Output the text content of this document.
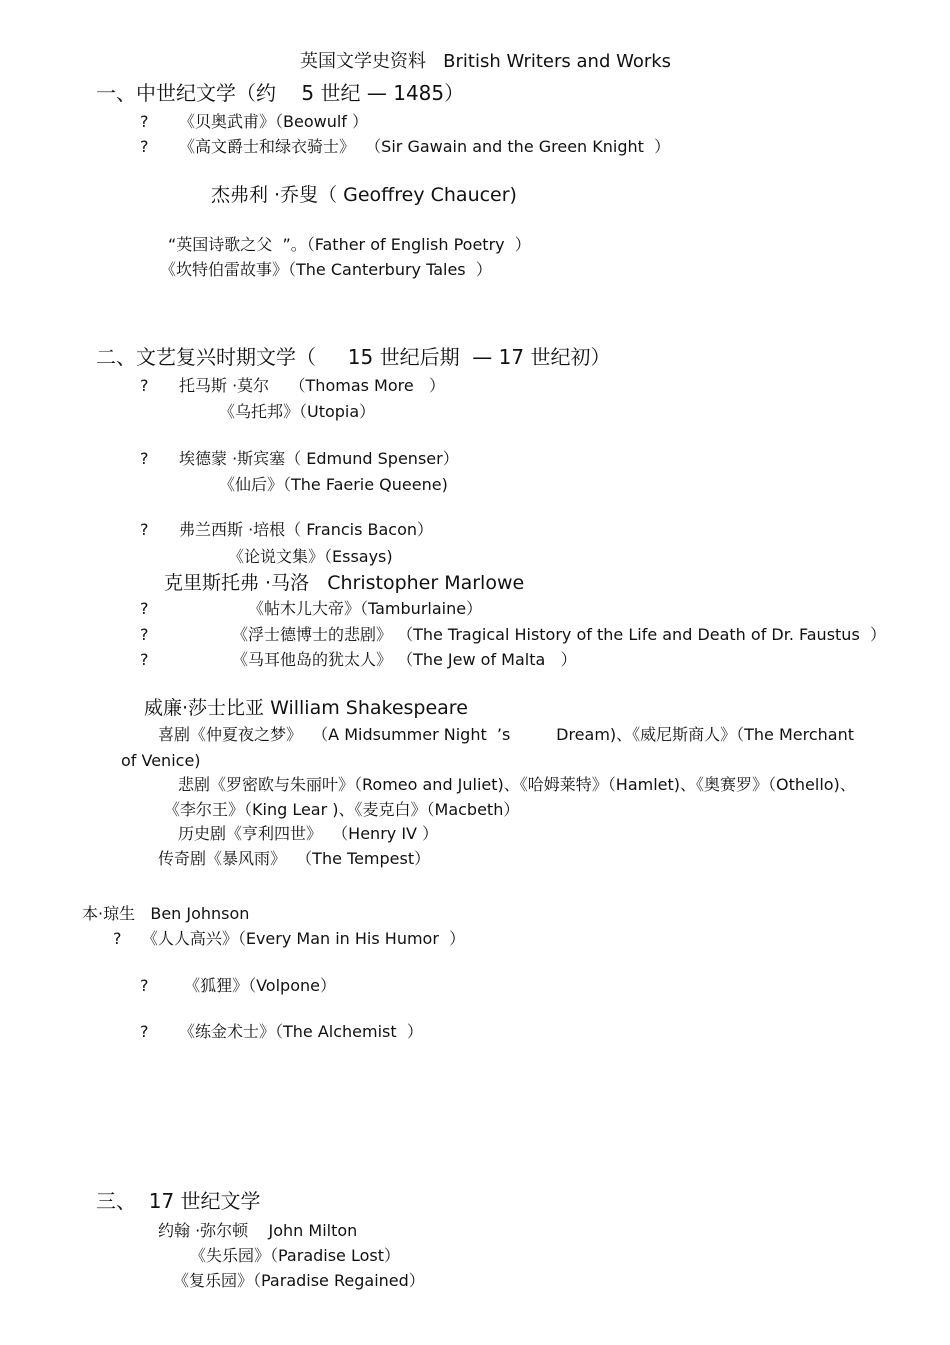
英国文学史资料   British Writers and Works
一、中世纪文学（约    5 世纪 — 1485）
?      《贝奥武甫》（Beowulf ）
?      《高文爵士和绿衣骑士》  （Sir Gawain and the Green Knight  ）
杰弗利 ·乔叟（ Geoffrey Chaucer)
“英国诗歌之父  ”。（Father of English Poetry  ）
《坎特伯雷故事》（The Canterbury Tales  ）
二、文艺复兴时期文学（     15 世纪后期  — 17 世纪初）
?      托马斯 ·莫尔    （Thomas More   ）
《乌托邦》（Utopia）
?      埃德蒙 ·斯宾塞（ Edmund Spenser）
《仙后》（The Faerie Queene)
?      弗兰西斯 ·培根（ Francis Bacon）
《论说文集》（Essays)
克里斯托弗 ·马洛   Christopher Marlowe
?	《帖木儿大帝》（Tamburlaine）
?	《浮士德博士的悲剧》 （The Tragical History of the Life and Death of Dr. Faustus  ）
?	《马耳他岛的犹太人》 （The Jew of Malta   ）
威廉·莎士比亚 William Shakespeare
喜剧《仲夏夜之梦》  （A Midsummer Night  ’s         Dream)、《威尼斯商人》（The Merchant
of Venice)
悲剧《罗密欧与朱丽叶》（Romeo and Juliet)、《哈姆莱特》（Hamlet)、《奥赛罗》（Othello)、
《李尔王》（King Lear )、《麦克白》（Macbeth）
历史剧《亨利四世》  （Henry IV ）
传奇剧《暴风雨》  （The Tempest）
本·琼生   Ben Johnson
?    《人人高兴》（Every Man in His Humor  ）
?       《狐狸》（Volpone）
?      《练金术士》（The Alchemist  ）
三、  17 世纪文学
约翰 ·弥尔顿    John Milton
《失乐园》（Paradise Lost）
《复乐园》（Paradise Regained）
